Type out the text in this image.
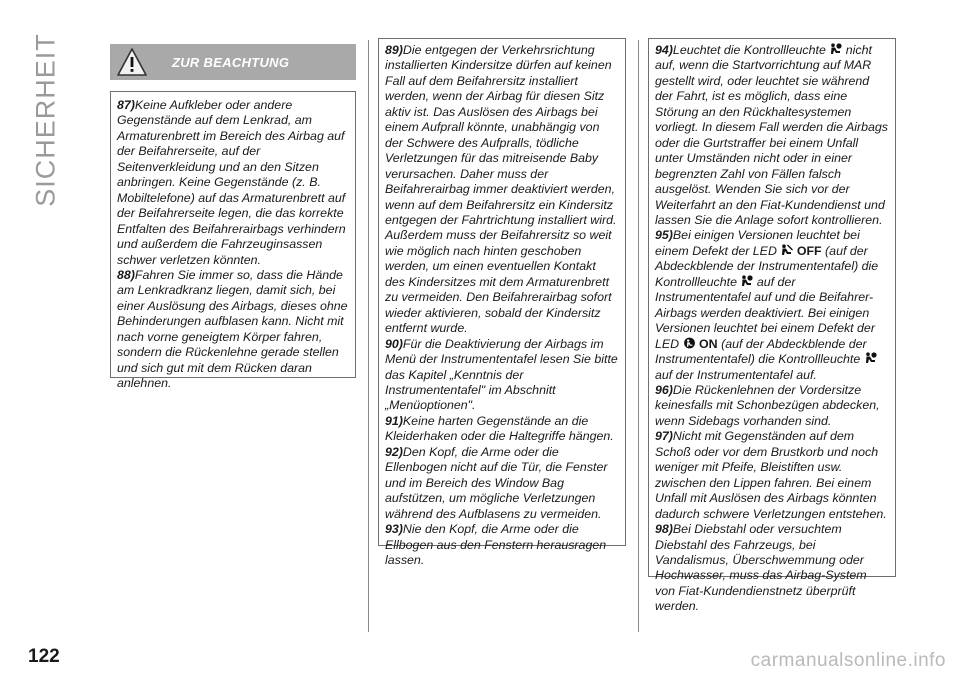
SICHERHEIT	ZUR BEACHTUNG

87)Keine Aufkleber oder andere Gegenstände auf dem Lenkrad, am Armaturenbrett im Bereich des Airbag auf der Beifahrerseite, auf der Seitenverkleidung und an den Sitzen anbringen. Keine Gegenstände (z. B. Mobiltelefone) auf das Armaturenbrett auf der Beifahrerseite legen, die das korrekte Entfalten des Beifahrerairbags verhindern und außerdem die Fahrzeuginsassen schwer verletzen könnten.

88)Fahren Sie immer so, dass die Hände am Lenkradkranz liegen, damit sich, bei einer Auslösung des Airbags, dieses ohne Behinderungen aufblasen kann. Nicht mit nach vorne geneigtem Körper fahren, sondern die Rückenlehne gerade stellen und sich gut mit dem Rücken daran anlehnen.

89)Die entgegen der Verkehrsrichtung installierten Kindersitze dürfen auf keinen Fall auf dem Beifahrersitz installiert werden, wenn der Airbag für diesen Sitz aktiv ist. Das Auslösen des Airbags bei einem Aufprall könnte, unabhängig von der Schwere des Aufpralls, tödliche Verletzungen für das mitreisende Baby verursachen. Daher muss der Beifahrerairbag immer deaktiviert werden, wenn auf dem Beifahrersitz ein Kindersitz entgegen der Fahrtrichtung installiert wird. Außerdem muss der Beifahrersitz so weit wie möglich nach hinten geschoben werden, um einen eventuellen Kontakt des Kindersitzes mit dem Armaturenbrett zu vermeiden. Den Beifahrerairbag sofort wieder aktivieren, sobald der Kindersitz entfernt wurde.

90)Für die Deaktivierung der Airbags im Menü der Instrumententafel lesen Sie bitte das Kapitel „Kenntnis der Instrumententafel" im Abschnitt „Menüoptionen".

91)Keine harten Gegenstände an die Kleiderhaken oder die Haltegriffe hängen.

92)Den Kopf, die Arme oder die Ellenbogen nicht auf die Tür, die Fenster und im Bereich des Window Bag aufstützen, um mögliche Verletzungen während des Aufblasens zu vermeiden.

93)Nie den Kopf, die Arme oder die Ellbogen aus den Fenstern herausragen lassen.

94)Leuchtet die Kontrollleuchte nicht auf, wenn die Startvorrichtung auf MAR gestellt wird, oder leuchtet sie während der Fahrt, ist es möglich, dass eine Störung an den Rückhaltesystemen vorliegt. In diesem Fall werden die Airbags oder die Gurtstraffer bei einem Unfall unter Umständen nicht oder in einer begrenzten Zahl von Fällen falsch ausgelöst. Wenden Sie sich vor der Weiterfahrt an den Fiat-Kundendienst und lassen Sie die Anlage sofort kontrollieren.

95)Bei einigen Versionen leuchtet bei einem Defekt der LED OFF (auf der Abdeckblende der Instrumententafel) die Kontrollleuchte auf der Instrumententafel auf und die Beifahrer-Airbags werden deaktiviert. Bei einigen Versionen leuchtet bei einem Defekt der LED ON (auf der Abdeckblende der Instrumententafel) die Kontrollleuchte  auf der Instrumententafel auf.

96)Die Rückenlehnen der Vordersitze keinesfalls mit Schonbezügen abdecken, wenn Sidebags vorhanden sind.

97)Nicht mit Gegenständen auf dem Schoß oder vor dem Brustkorb und noch weniger mit Pfeife, Bleistiften usw. zwischen den Lippen fahren. Bei einem Unfall mit Auslösen des Airbags könnten dadurch schwere Verletzungen entstehen.

98)Bei Diebstahl oder versuchtem Diebstahl des Fahrzeugs, bei Vandalismus, Überschwemmung oder Hochwasser, muss das Airbag-System von Fiat-Kundendienstnetz überprüft werden.

122	carmanualsonline.info
